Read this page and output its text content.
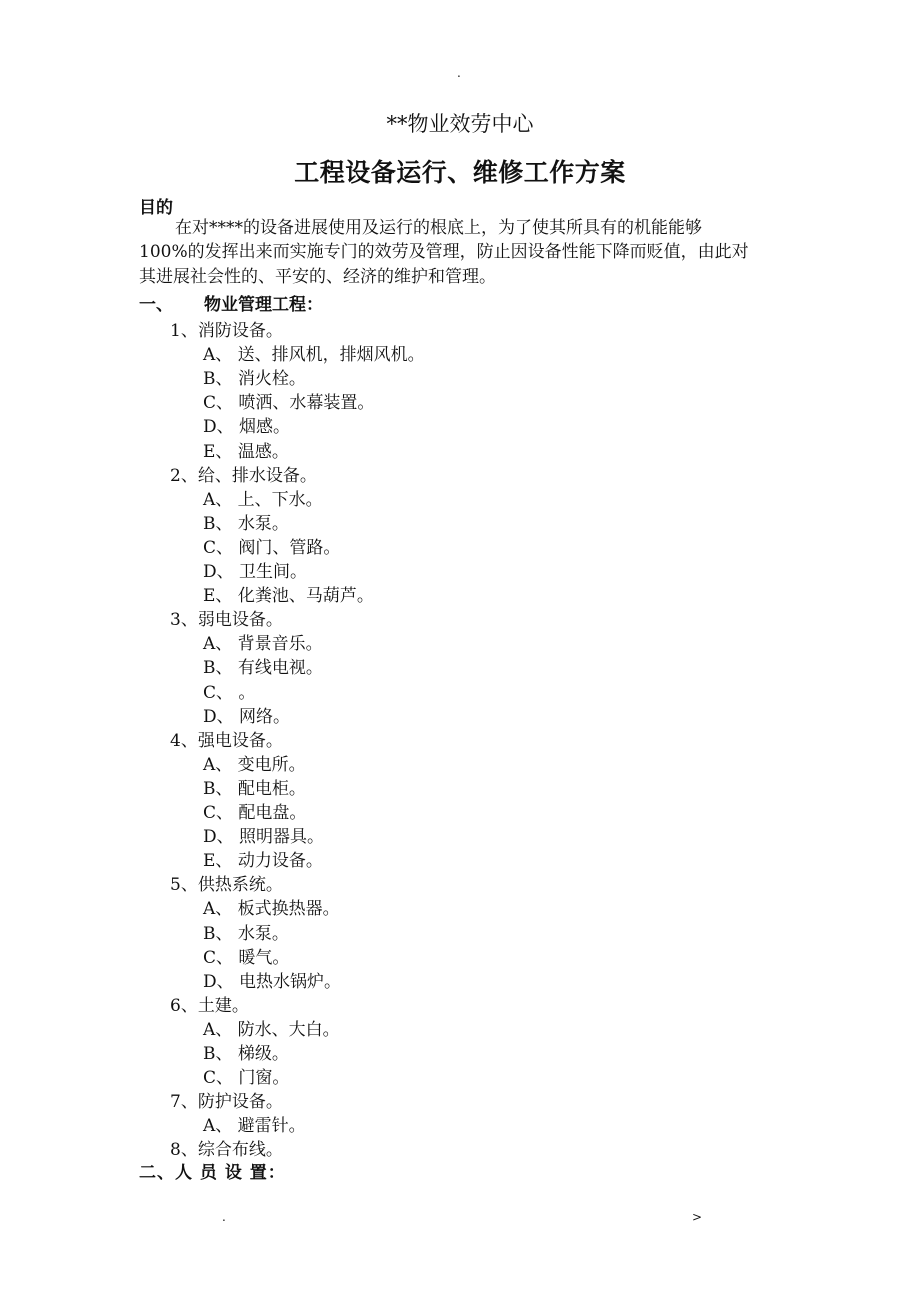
.
**物业效劳中心
工程设备运行、维修工作方案
目的
在对****的设备进展使用及运行的根底上，为了使其所具有的机能能够
100%的发挥出来而实施专门的效劳及管理，防止因设备性能下降而贬值，由此对
其进展社会性的、平安的、经济的维护和管理。
一、 物业管理工程：
1、消防设备。
A、 送、排风机，排烟风机。
B、 消火栓。
C、 喷洒、水幕装置。
D、 烟感。
E、 温感。
2、给、排水设备。
A、 上、下水。
B、 水泵。
C、 阀门、管路。
D、 卫生间。
E、 化粪池、马葫芦。
3、弱电设备。
A、 背景音乐。
B、 有线电视。
C、 。
D、 网络。
4、强电设备。
A、 变电所。
B、 配电柜。
C、 配电盘。
D、 照明器具。
E、 动力设备。
5、供热系统。
A、 板式换热器。
B、 水泵。
C、 暖气。
D、 电热水锅炉。
6、土建。
A、 防水、大白。
B、 梯级。
C、 门窗。
7、防护设备。
A、 避雷针。
8、综合布线。
二、人 员 设 置：
.	>
